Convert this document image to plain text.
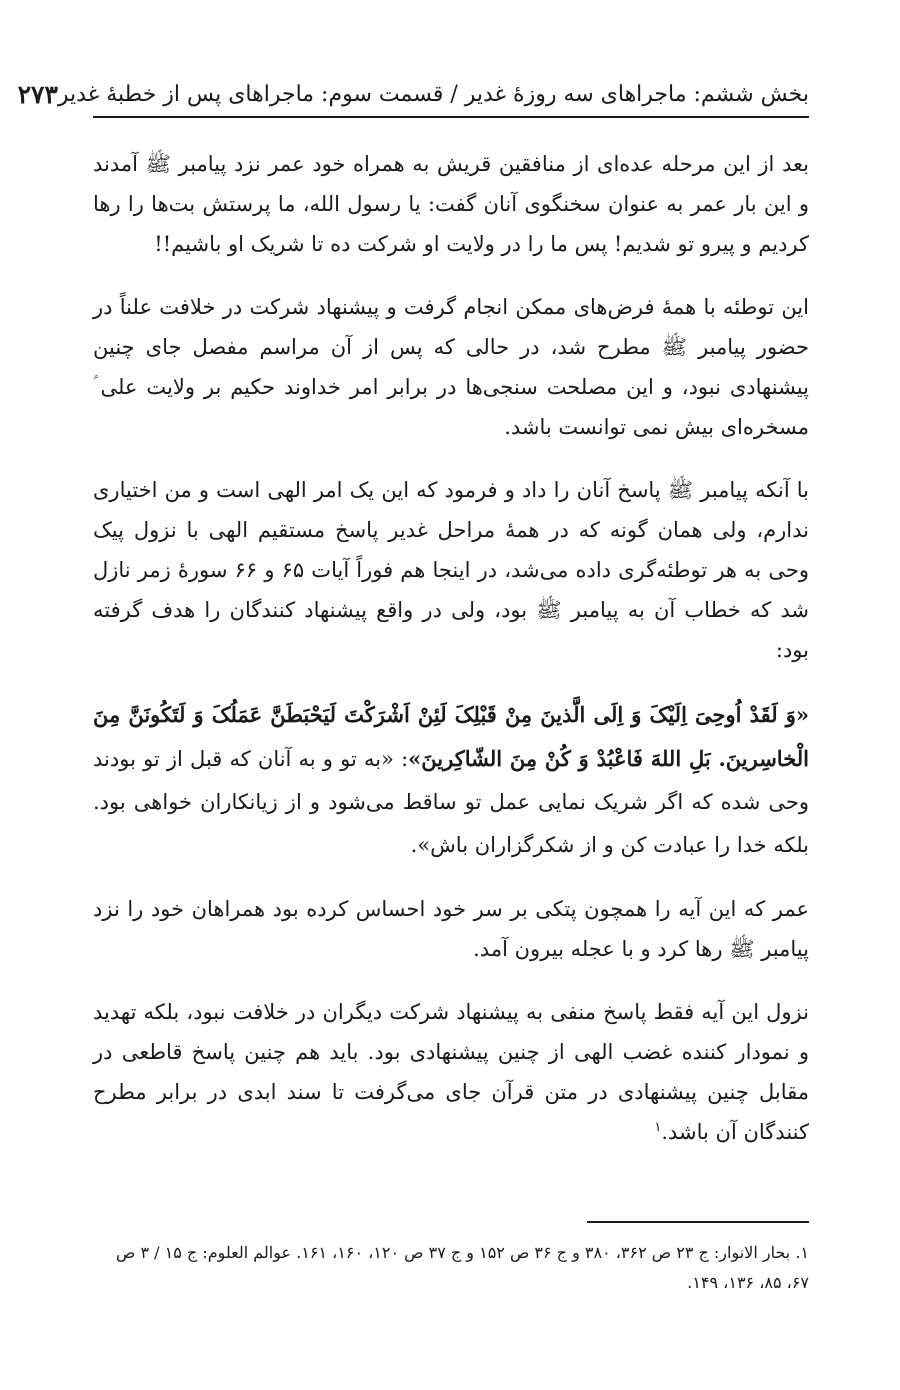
بخش ششم: ماجراهای سه روزهٔ غدیر / قسمت سوم: ماجراهای پس از خطبهٔ غدیر
۲۷۳

بعد از این مرحله عده‌ای از منافقین قریش به همراه خود عمر نزد پیامبر ﷺ آمدند و این بار عمر به عنوان سخنگوی آنان گفت: یا رسول الله، ما پرستش بت‌ها را رها کردیم و پیرو تو شدیم! پس ما را در ولایت او شرکت ده تا شریک او باشیم!!

این توطئه با همهٔ فرض‌های ممکن انجام گرفت و پیشنهاد شرکت در خلافت علناً در حضور پیامبر ﷺ مطرح شد، در حالی که پس از آن مراسم مفصل جای چنین پیشنهادی نبود، و این مصلحت سنجی‌ها در برابر امر خداوند حکیم بر ولایت علی ؑ مسخره‌ای بیش نمی توانست باشد.

با آنکه پیامبر ﷺ پاسخ آنان را داد و فرمود که این یک امر الهی است و من اختیاری ندارم، ولی همان گونه که در همهٔ مراحل غدیر پاسخ مستقیم الهی با نزول پیک وحی به هر توطئه‌گری داده می‌شد، در اینجا هم فوراً آیات ۶۵ و ۶۶ سورهٔ زمر نازل شد که خطاب آن به پیامبر ﷺ بود، ولی در واقع پیشنهاد کنندگان را هدف گرفته بود:

«وَ لَقَدْ اُوحِیَ اِلَیْکَ وَ اِلَی الَّذینَ مِنْ قَبْلِکَ لَئِنْ اَشْرَکْتَ لَیَحْبَطَنَّ عَمَلُکَ وَ لَتَکُونَنَّ مِنَ الْخاسِرینَ. بَلِ اللهَ فَاعْبُدْ وَ کُنْ مِنَ الشّاکِرینَ»: «به تو و به آنان که قبل از تو بودند وحی شده که اگر شریک نمایی عمل تو ساقط می‌شود و از زیانکاران خواهی بود. بلکه خدا را عبادت کن و از شکرگزاران باش».

عمر که این آیه را همچون پتکی بر سر خود احساس کرده بود همراهان خود را نزد پیامبر ﷺ رها کرد و با عجله بیرون آمد.

نزول این آیه فقط پاسخ منفی به پیشنهاد شرکت دیگران در خلافت نبود، بلکه تهدید و نمودار کننده غضب الهی از چنین پیشنهادی بود. باید هم چنین پاسخ قاطعی در مقابل چنین پیشنهادی در متن قرآن جای می‌گرفت تا سند ابدی در برابر مطرح کنندگان آن باشد.$^۱$

۱. بحار الانوار: ج ۲۳ ص ۳۶۲، ۳۸۰ و ج ۳۶ ص ۱۵۲ و ج ۳۷ ص ۱۲۰، ۱۶۰، ۱۶۱. عوالم العلوم: ج ۱۵ / ۳ ص ۶۷، ۸۵، ۱۳۶، ۱۴۹.
